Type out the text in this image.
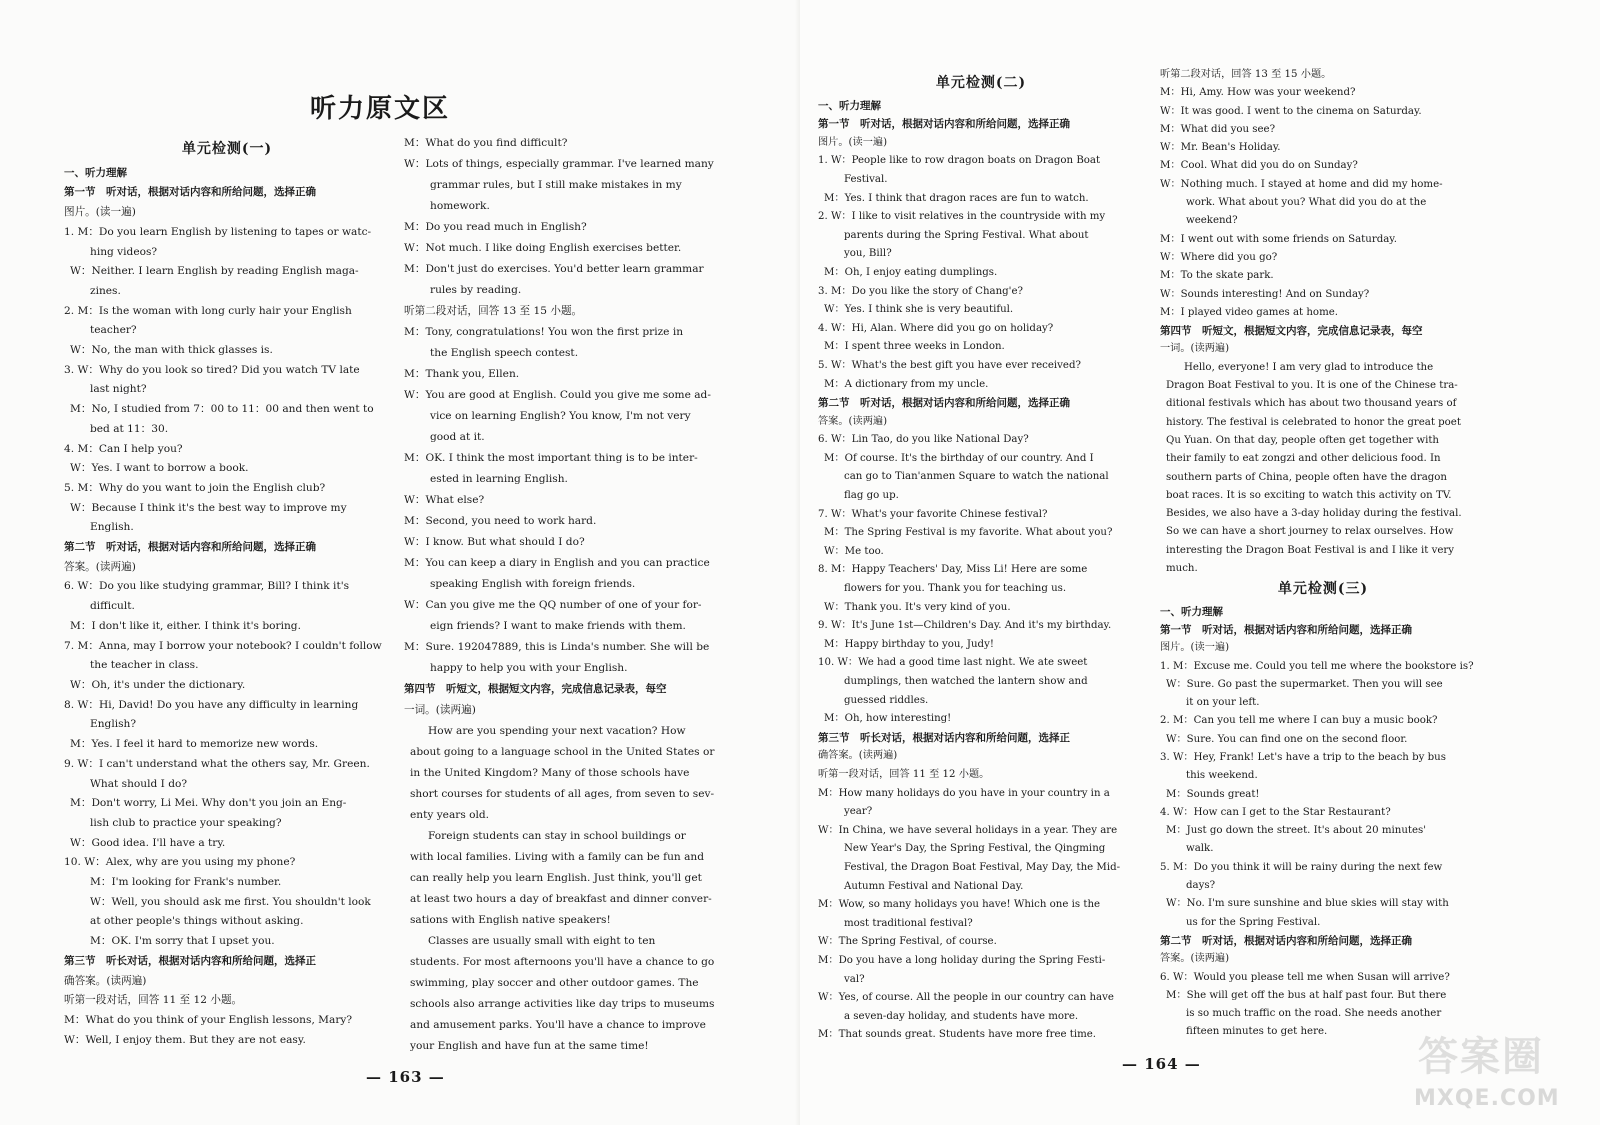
听力原文区

单元检测(一)

一、听力理解

第一节　听对话，根据对话内容和所给问题，选择正确

图片。(读一遍)

1. M：Do you learn English by listening to tapes or watc-

hing videos?

W：Neither. I learn English by reading English maga-

zines.

2. M：Is the woman with long curly hair your English

teacher?

W：No, the man with thick glasses is.

3. W：Why do you look so tired? Did you watch TV late

last night?

M：No, I studied from 7：00 to 11：00 and then went to

bed at 11：30.

4. M：Can I help you?

W：Yes. I want to borrow a book.

5. M：Why do you want to join the English club?

W：Because I think it's the best way to improve my

English.

第二节　听对话，根据对话内容和所给问题，选择正确

答案。(读两遍)

6. W：Do you like studying grammar, Bill? I think it's

difficult.

M：I don't like it, either. I think it's boring.

7. M：Anna, may I borrow your notebook? I couldn't follow

the teacher in class.

W：Oh, it's under the dictionary.

8. W：Hi, David! Do you have any difficulty in learning

English?

M：Yes. I feel it hard to memorize new words.

9. W：I can't understand what the others say, Mr. Green.

What should I do?

M：Don't worry, Li Mei. Why don't you join an Eng-

lish club to practice your speaking?

W：Good idea. I'll have a try.

10. W：Alex, why are you using my phone?

M：I'm looking for Frank's number.

W：Well, you should ask me first. You shouldn't look

at other people's things without asking.

M：OK. I'm sorry that I upset you.

第三节　听长对话，根据对话内容和所给问题，选择正

确答案。(读两遍)

听第一段对话，回答 11 至 12 小题。

M：What do you think of your English lessons, Mary?

W：Well, I enjoy them. But they are not easy.

M：What do you find difficult?

W：Lots of things, especially grammar. I've learned many

grammar rules, but I still make mistakes in my

homework.

M：Do you read much in English?

W：Not much. I like doing English exercises better.

M：Don't just do exercises. You'd better learn grammar

rules by reading.

听第二段对话，回答 13 至 15 小题。

M：Tony, congratulations! You won the first prize in

the English speech contest.

M：Thank you, Ellen.

W：You are good at English. Could you give me some ad-

vice on learning English? You know, I'm not very

good at it.

M：OK. I think the most important thing is to be inter-

ested in learning English.

W：What else?

M：Second, you need to work hard.

W：I know. But what should I do?

M：You can keep a diary in English and you can practice

speaking English with foreign friends.

W：Can you give me the QQ number of one of your for-

eign friends? I want to make friends with them.

M：Sure. 192047889, this is Linda's number. She will be

happy to help you with your English.

第四节　听短文，根据短文内容，完成信息记录表，每空

一词。(读两遍)

How are you spending your next vacation? How

about going to a language school in the United States or

in the United Kingdom? Many of those schools have

short courses for students of all ages, from seven to sev-

enty years old.

Foreign students can stay in school buildings or

with local families. Living with a family can be fun and

can really help you learn English. Just think, you'll get

at least two hours a day of breakfast and dinner conver-

sations with English native speakers!

Classes are usually small with eight to ten

students. For most afternoons you'll have a chance to go

swimming, play soccer and other outdoor games. The

schools also arrange activities like day trips to museums

and amusement parks. You'll have a chance to improve

your English and have fun at the same time!

— 163 —

单元检测(二)

一、听力理解

第一节　听对话，根据对话内容和所给问题，选择正确

图片。(读一遍)

1. W：People like to row dragon boats on Dragon Boat

Festival.

M：Yes. I think that dragon races are fun to watch.

2. W：I like to visit relatives in the countryside with my

parents during the Spring Festival. What about

you, Bill?

M：Oh, I enjoy eating dumplings.

3. M：Do you like the story of Chang'e?

W：Yes. I think she is very beautiful.

4. W：Hi, Alan. Where did you go on holiday?

M：I spent three weeks in London.

5. W：What's the best gift you have ever received?

M：A dictionary from my uncle.

第二节　听对话，根据对话内容和所给问题，选择正确

答案。(读两遍)

6. W：Lin Tao, do you like National Day?

M：Of course. It's the birthday of our country. And I

can go to Tian'anmen Square to watch the national

flag go up.

7. W：What's your favorite Chinese festival?

M：The Spring Festival is my favorite. What about you?

W：Me too.

8. M：Happy Teachers' Day, Miss Li! Here are some

flowers for you. Thank you for teaching us.

W：Thank you. It's very kind of you.

9. W：It's June 1st—Children's Day. And it's my birthday.

M：Happy birthday to you, Judy!

10. W：We had a good time last night. We ate sweet

dumplings, then watched the lantern show and

guessed riddles.

M：Oh, how interesting!

第三节　听长对话，根据对话内容和所给问题，选择正

确答案。(读两遍)

听第一段对话，回答 11 至 12 小题。

M：How many holidays do you have in your country in a

year?

W：In China, we have several holidays in a year. They are

New Year's Day, the Spring Festival, the Qingming

Festival, the Dragon Boat Festival, May Day, the Mid-

Autumn Festival and National Day.

M：Wow, so many holidays you have! Which one is the

most traditional festival?

W：The Spring Festival, of course.

M：Do you have a long holiday during the Spring Festi-

val?

W：Yes, of course. All the people in our country can have

a seven-day holiday, and students have more.

M：That sounds great. Students have more free time.

听第二段对话，回答 13 至 15 小题。

M：Hi, Amy. How was your weekend?

W：It was good. I went to the cinema on Saturday.

M：What did you see?

W：Mr. Bean's Holiday.

M：Cool. What did you do on Sunday?

W：Nothing much. I stayed at home and did my home-

work. What about you? What did you do at the

weekend?

M：I went out with some friends on Saturday.

W：Where did you go?

M：To the skate park.

W：Sounds interesting! And on Sunday?

M：I played video games at home.

第四节　听短文，根据短文内容，完成信息记录表，每空

一词。(读两遍)

Hello, everyone! I am very glad to introduce the

Dragon Boat Festival to you. It is one of the Chinese tra-

ditional festivals which has about two thousand years of

history. The festival is celebrated to honor the great poet

Qu Yuan. On that day, people often get together with

their family to eat zongzi and other delicious food. In

southern parts of China, people often have the dragon

boat races. It is so exciting to watch this activity on TV.

Besides, we also have a 3-day holiday during the festival.

So we can have a short journey to relax ourselves. How

interesting the Dragon Boat Festival is and I like it very

much.

单元检测(三)

一、听力理解

第一节　听对话，根据对话内容和所给问题，选择正确

图片。(读一遍)

1. M：Excuse me. Could you tell me where the bookstore is?

W：Sure. Go past the supermarket. Then you will see

it on your left.

2. M：Can you tell me where I can buy a music book?

W：Sure. You can find one on the second floor.

3. W：Hey, Frank! Let's have a trip to the beach by bus

this weekend.

M：Sounds great!

4. W：How can I get to the Star Restaurant?

M：Just go down the street. It's about 20 minutes'

walk.

5. M：Do you think it will be rainy during the next few

days?

W：No. I'm sure sunshine and blue skies will stay with

us for the Spring Festival.

第二节　听对话，根据对话内容和所给问题，选择正确

答案。(读两遍)

6. W：Would you please tell me when Susan will arrive?

M：She will get off the bus at half past four. But there

is so much traffic on the road. She needs another

fifteen minutes to get here.

— 164 —	答案圈
MXQE.COM
